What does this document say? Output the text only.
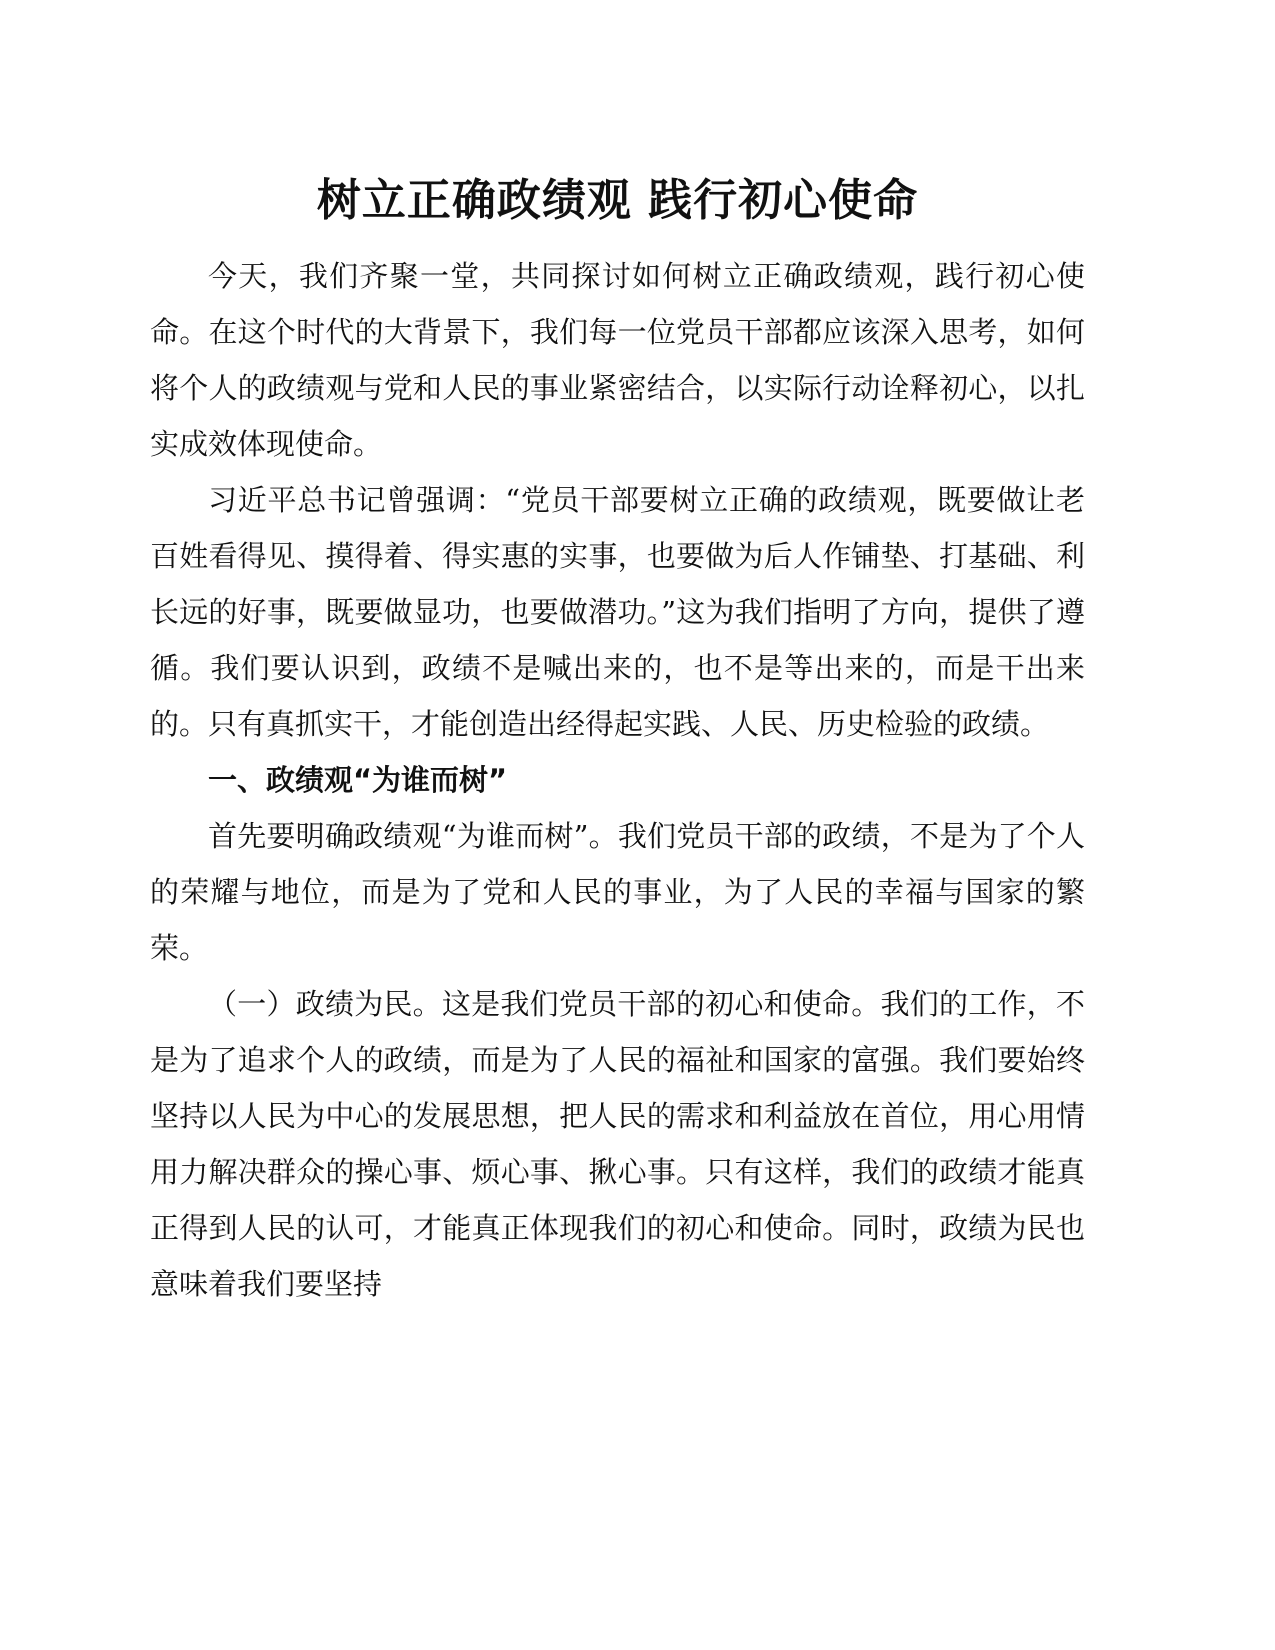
树立正确政绩观 践行初心使命

今天，我们齐聚一堂，共同探讨如何树立正确政绩观，践行初心使命。在这个时代的大背景下，我们每一位党员干部都应该深入思考，如何将个人的政绩观与党和人民的事业紧密结合，以实际行动诠释初心，以扎实成效体现使命。

习近平总书记曾强调：“党员干部要树立正确的政绩观，既要做让老百姓看得见、摸得着、得实惠的实事，也要做为后人作铺垫、打基础、利长远的好事，既要做显功，也要做潜功。”这为我们指明了方向，提供了遵循。我们要认识到，政绩不是喊出来的，也不是等出来的，而是干出来的。只有真抓实干，才能创造出经得起实践、人民、历史检验的政绩。

一、政绩观“为谁而树”

首先要明确政绩观“为谁而树”。我们党员干部的政绩，不是为了个人的荣耀与地位，而是为了党和人民的事业，为了人民的幸福与国家的繁荣。

（一）政绩为民。这是我们党员干部的初心和使命。我们的工作，不是为了追求个人的政绩，而是为了人民的福祉和国家的富强。我们要始终坚持以人民为中心的发展思想，把人民的需求和利益放在首位，用心用情用力解决群众的操心事、烦心事、揪心事。只有这样，我们的政绩才能真正得到人民的认可，才能真正体现我们的初心和使命。同时，政绩为民也意味着我们要坚持
